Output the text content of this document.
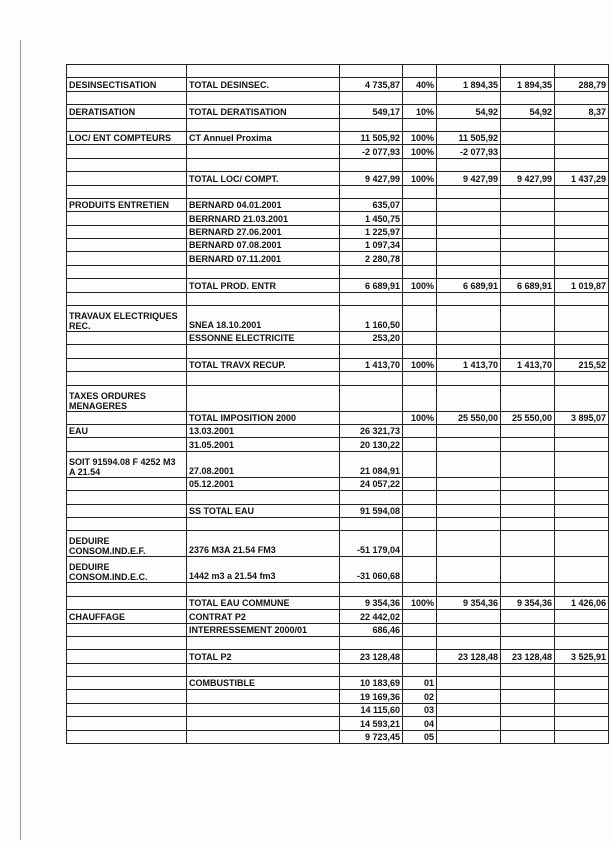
DESINSECTISATION	TOTAL DESINSEC.	4 735,87	40%	1 894,35	1 894,35	288,79

DERATISATION	TOTAL DERATISATION	549,17	10%	54,92	54,92	8,37

LOC/ ENT COMPTEURS	CT Annuel Proxima	11 505,92	100%	11 505,92		
		-2 077,93	100%	-2 077,93		

	TOTAL LOC/ COMPT.	9 427,99	100%	9 427,99	9 427,99	1 437,29

PRODUITS ENTRETIEN	BERNARD 04.01.2001	635,07				
	BERRNARD 21.03.2001	1 450,75				
	BERNARD 27.06.2001	1 225,97				
	BERNARD 07.08.2001	1 097,34				
	BERNARD 07.11.2001	2 280,78				

	TOTAL PROD. ENTR	6 689,91	100%	6 689,91	6 689,91	1 019,87

TRAVAUX ELECTRIQUES REC.	SNEA 18.10.2001	1 160,50				
	ESSONNE ELECTRICITE	253,20				

	TOTAL TRAVX RECUP.	1 413,70	100%	1 413,70	1 413,70	215,52

TAXES ORDURES MENAGERES						
	TOTAL IMPOSITION 2000		100%	25 550,00	25 550,00	3 895,07
EAU	13.03.2001	26 321,73				
	31.05.2001	20 130,22				
SOIT 91594.08 F 4252 M3 A 21.54	27.08.2001	21 084,91				
	05.12.2001	24 057,22				

	SS TOTAL EAU	91 594,08				

DEDUIRE CONSOM.IND.E.F.	2376 M3A 21.54 FM3	-51 179,04				
DEDUIRE CONSOM.IND.E.C.	1442 m3 a 21.54 fm3	-31 060,68				

	TOTAL EAU COMMUNE	9 354,36	100%	9 354,36	9 354,36	1 426,06
CHAUFFAGE	CONTRAT P2	22 442,02				
	INTERRESSEMENT 2000/01	686,46				

	TOTAL P2	23 128,48		23 128,48	23 128,48	3 525,91

	COMBUSTIBLE	10 183,69	01			
		19 169,36	02			
		14 115,60	03			
		14 593,21	04			
		9 723,45	05			
